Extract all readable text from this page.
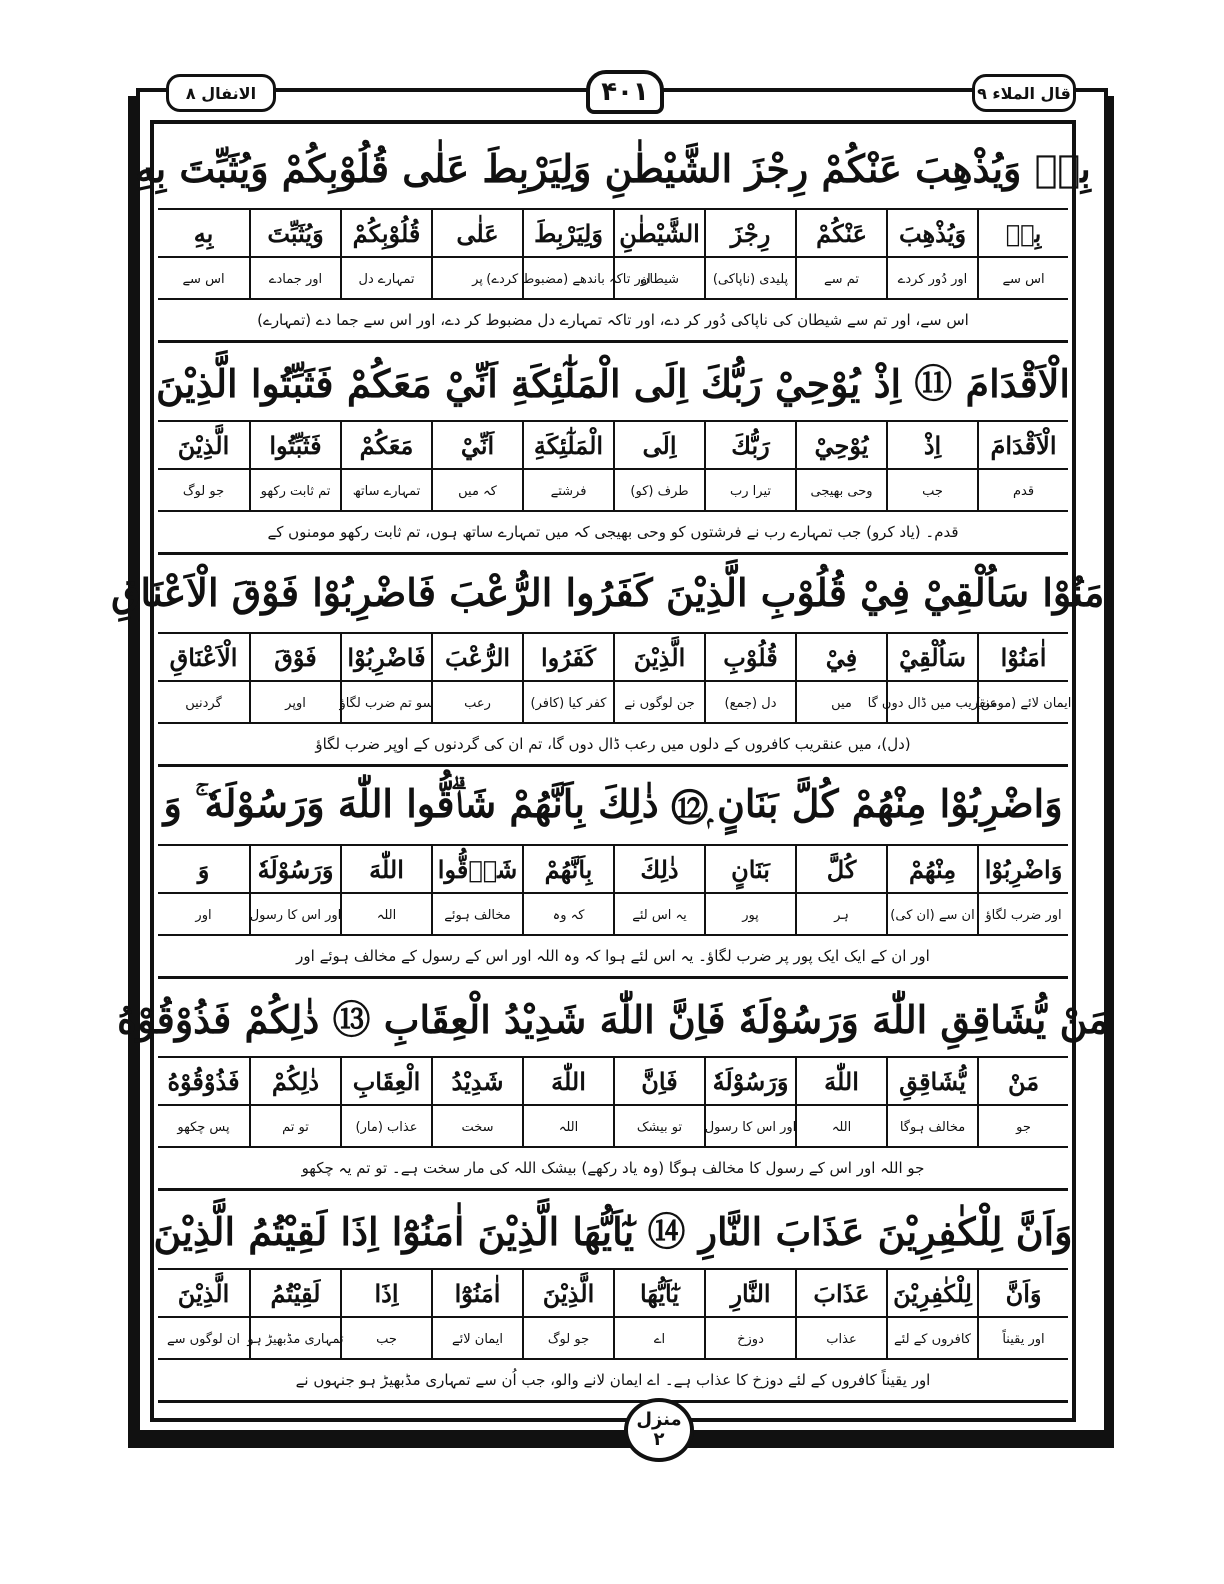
الانفال ٨	قال الملاء ٩
۴۰۱
بِهٖ وَيُذْهِبَ عَنْكُمْ رِجْزَ الشَّيْطٰنِ وَلِيَرْبِطَ عَلٰى قُلُوْبِكُمْ وَيُثَبِّتَ بِهِ
بِهٖ
وَيُذْهِبَ
عَنْكُمْ
رِجْزَ
الشَّيْطٰنِ
وَلِيَرْبِطَ
عَلٰى
قُلُوْبِكُمْ
وَيُثَبِّتَ
بِهِ
اس سے
اور دُور کردے
تم سے
پلیدی (ناپاکی)
شیطان
اور تاکہ باندھے (مضبوط کردے)
پر
تمہارے دل
اور جمادے
اس سے
اس سے، اور تم سے شیطان کی ناپاکی دُور کر دے، اور تاکہ تمہارے دل مضبوط کر دے، اور اس سے جما دے (تمہارے)
الْاَقْدَامَ ⑪ اِذْ يُوْحِيْ رَبُّكَ اِلَى الْمَلٰٓئِكَةِ اَنِّيْ مَعَكُمْ فَثَبِّتُوا الَّذِيْنَ
الْاَقْدَامَ
اِذْ
يُوْحِيْ
رَبُّكَ
اِلَى
الْمَلٰٓئِكَةِ
اَنِّيْ
مَعَكُمْ
فَثَبِّتُوا
الَّذِيْنَ
قدم
جب
وحی بھیجی
تیرا رب
طرف (کو)
فرشتے
کہ میں
تمہارے ساتھ
تم ثابت رکھو
جو لوگ
قدم۔ (یاد کرو) جب تمہارے رب نے فرشتوں کو وحی بھیجی کہ میں تمہارے ساتھ ہوں، تم ثابت رکھو مومنوں کے
اٰمَنُوْا سَاُلْقِيْ فِيْ قُلُوْبِ الَّذِيْنَ كَفَرُوا الرُّعْبَ فَاضْرِبُوْا فَوْقَ الْاَعْنَاقِ
اٰمَنُوْا
سَاُلْقِيْ
فِيْ
قُلُوْبِ
الَّذِيْنَ
كَفَرُوا
الرُّعْبَ
فَاضْرِبُوْا
فَوْقَ
الْاَعْنَاقِ
ایمان لائے (مومن)
عنقریب میں ڈال دوں گا
میں
دل (جمع)
جن لوگوں نے
کفر کیا (کافر)
رعب
سو تم ضرب لگاؤ
اوپر
گردنیں
(دل)، میں عنقریب کافروں کے دلوں میں رعب ڈال دوں گا، تم ان کی گردنوں کے اوپر ضرب لگاؤ
وَاضْرِبُوْا مِنْهُمْ كُلَّ بَنَانٍ ۭ⑫ ذٰلِكَ بِاَنَّهُمْ شَاۗقُّوا اللّٰهَ وَرَسُوْلَهٗ ۚ وَ
وَاضْرِبُوْا
مِنْهُمْ
كُلَّ
بَنَانٍ
ذٰلِكَ
بِاَنَّهُمْ
شَاۗقُّوا
اللّٰهَ
وَرَسُوْلَهٗ
وَ
اور ضرب لگاؤ
ان سے (ان کی)
ہر
پور
یہ اس لئے
کہ وہ
مخالف ہوئے
اللہ
اور اس کا رسول
اور
اور ان کے ایک ایک پور پر ضرب لگاؤ۔ یہ اس لئے ہوا کہ وہ اللہ اور اس کے رسول کے مخالف ہوئے اور
مَنْ يُّشَاقِقِ اللّٰهَ وَرَسُوْلَهٗ فَاِنَّ اللّٰهَ شَدِيْدُ الْعِقَابِ ⑬ ذٰلِكُمْ فَذُوْقُوْهُ
مَنْ
يُّشَاقِقِ
اللّٰهَ
وَرَسُوْلَهٗ
فَاِنَّ
اللّٰهَ
شَدِيْدُ
الْعِقَابِ
ذٰلِكُمْ
فَذُوْقُوْهُ
جو
مخالف ہوگا
اللہ
اور اس کا رسول
تو بیشک
اللہ
سخت
عذاب (مار)
تو تم
پس چکھو
جو اللہ اور اس کے رسول کا مخالف ہوگا (وہ یاد رکھے) بیشک اللہ کی مار سخت ہے۔ تو تم یہ چکھو
وَاَنَّ لِلْكٰفِرِيْنَ عَذَابَ النَّارِ ⑭ يٰٓاَيُّهَا الَّذِيْنَ اٰمَنُوْٓا اِذَا لَقِيْتُمُ الَّذِيْنَ
وَاَنَّ
لِلْكٰفِرِيْنَ
عَذَابَ
النَّارِ
يٰٓاَيُّهَا
الَّذِيْنَ
اٰمَنُوْٓا
اِذَا
لَقِيْتُمُ
الَّذِيْنَ
اور یقیناً
کافروں کے لئے
عذاب
دوزخ
اے
جو لوگ
ایمان لائے
جب
تمہاری مڈبھیڑ ہو
ان لوگوں سے
اور یقیناً کافروں کے لئے دوزخ کا عذاب ہے۔ اے ایمان لانے والو، جب اُن سے تمہاری مڈبھیڑ ہو جنہوں نے
منزل
٢
